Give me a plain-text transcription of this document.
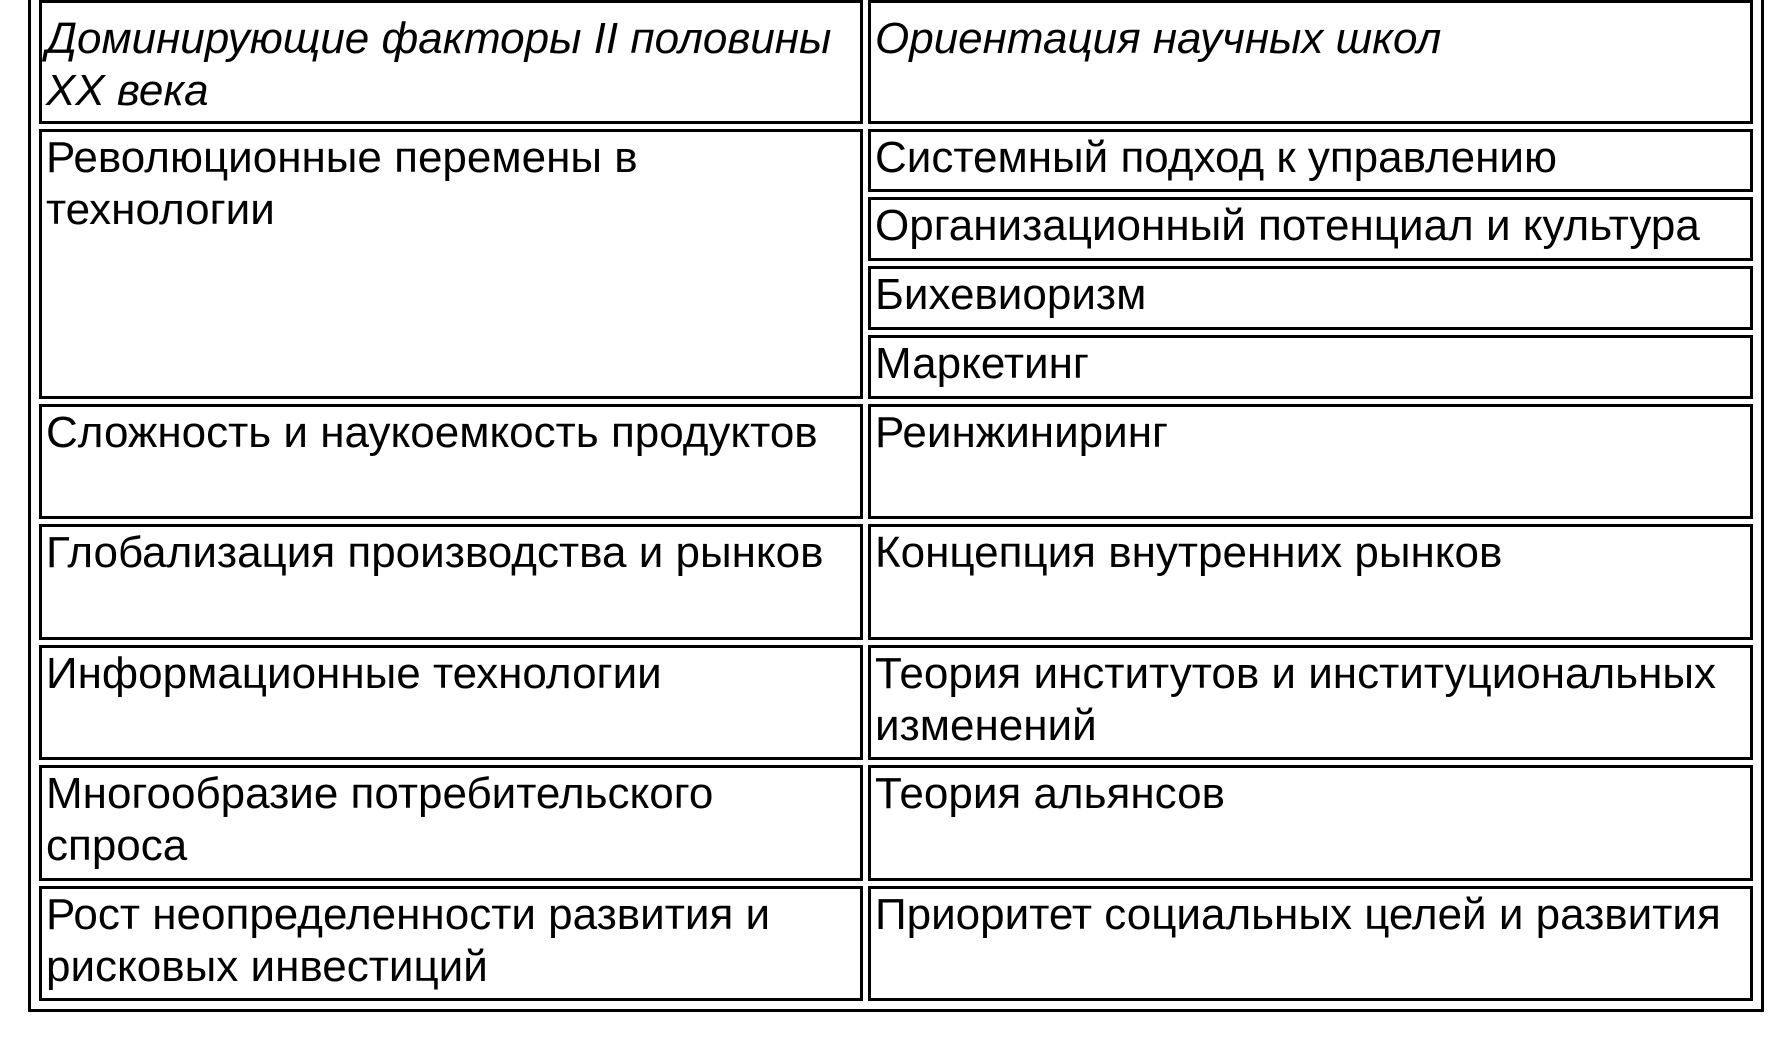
Доминирующие факторы II половины XX века	Ориентация научных школ
Революционные перемены в технологии	Системный подход к управлению
	Организационный потенциал и культура
	Бихевиоризм
	Маркетинг
Сложность и наукоемкость продуктов	Реинжиниринг
Глобализация производства и рынков	Концепция внутренних рынков
Информационные технологии	Теория институтов и институциональных изменений
Многообразие потребительского спроса	Теория альянсов
Рост неопределенности развития и рисковых инвестиций	Приоритет социальных целей и развития
